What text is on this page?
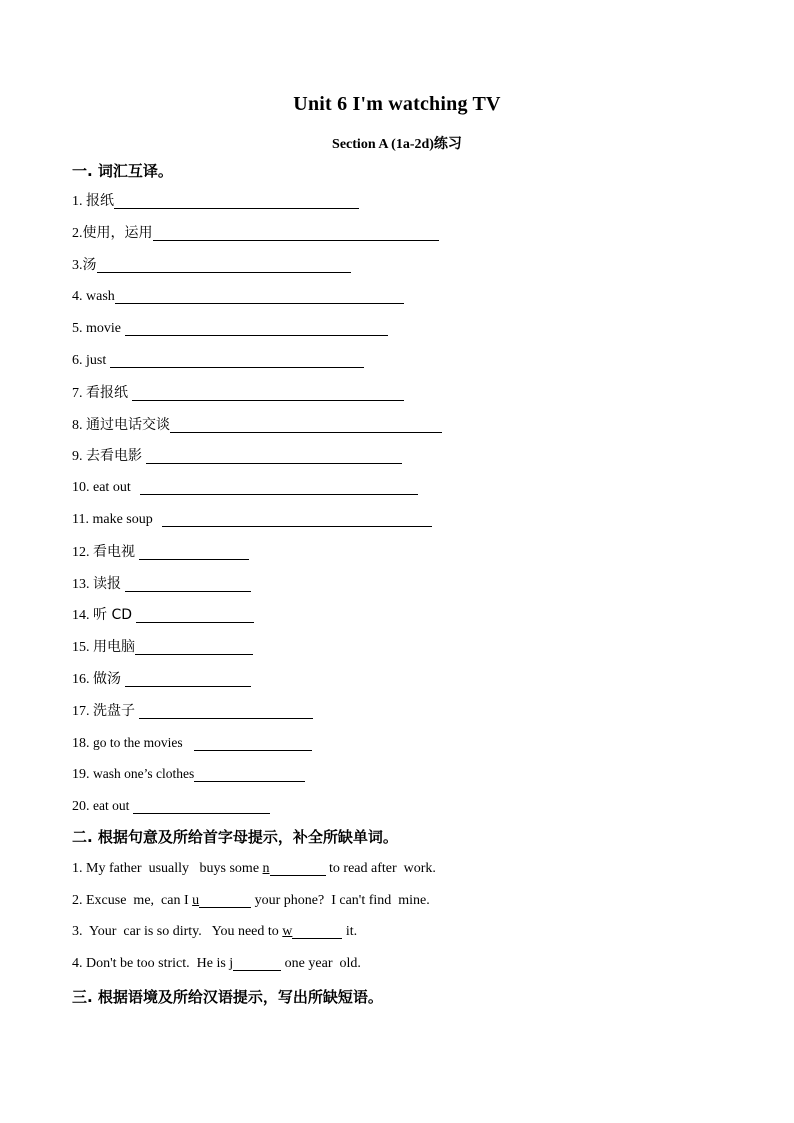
Unit 6 I'm watching TV
Section A (1a-2d)练习
一. 词汇互译。
1. 报纸
2.使用，运用
3.汤
4. wash
5. movie
6. just
7. 看报纸
8. 通过电话交谈
9. 去看电影
10. eat out
11. make soup
12. 看电视
13. 读报
14. 听 CD
15. 用电脑
16. 做汤
17. 洗盘子
18. go to the movies
19. wash one’s clothes
20. eat out
二. 根据句意及所给首字母提示，补全所缺单词。
1. My father  usually   buys some n	to read after  work.
2. Excuse  me,  can I u	your phone?  I can't find  mine.
3.  Your  car is so dirty.   You need to w	it.
4. Don't be too strict.  He is j	one year  old.
三. 根据语境及所给汉语提示，写出所缺短语。
